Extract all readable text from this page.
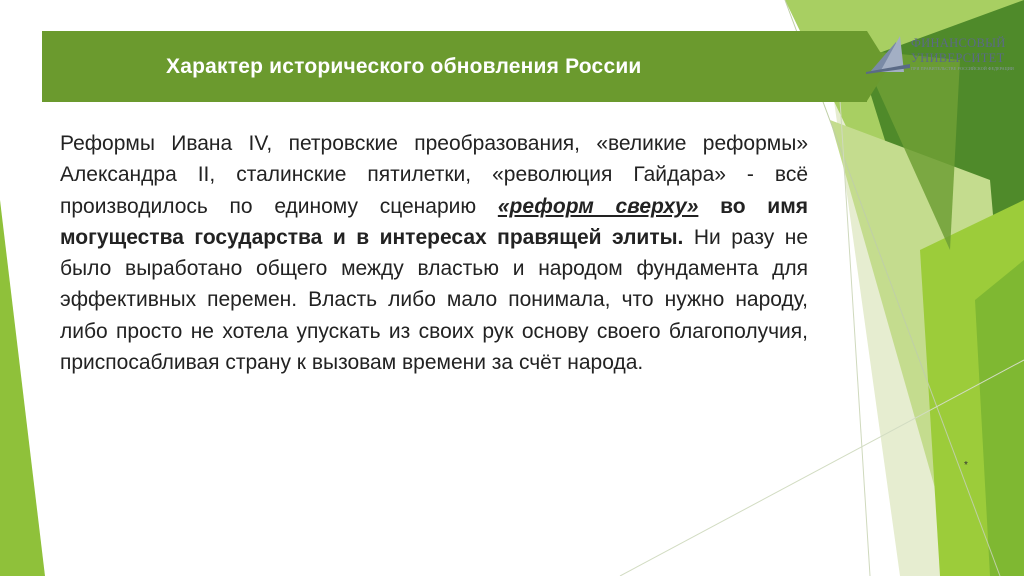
Характер исторического обновления России
ФИНАНСОВЫЙ
УНИВЕРСИТЕТ
ПРИ ПРАВИТЕЛЬСТВЕ РОССИЙСКОЙ ФЕДЕРАЦИИ

Реформы Ивана IV, петровские преобразования, «великие реформы» Александра II, сталинские пятилетки, «революция Гайдара» - всё производилось по единому сценарию «реформ сверху» во имя могущества государства и в интересах правящей элиты. Ни разу не было выработано общего между властью и народом фундамента для эффективных перемен. Власть либо мало понимала, что нужно народу, либо просто не хотела упускать из своих рук основу своего благополучия, приспосабливая страну к вызовам времени за счёт народа.

*
